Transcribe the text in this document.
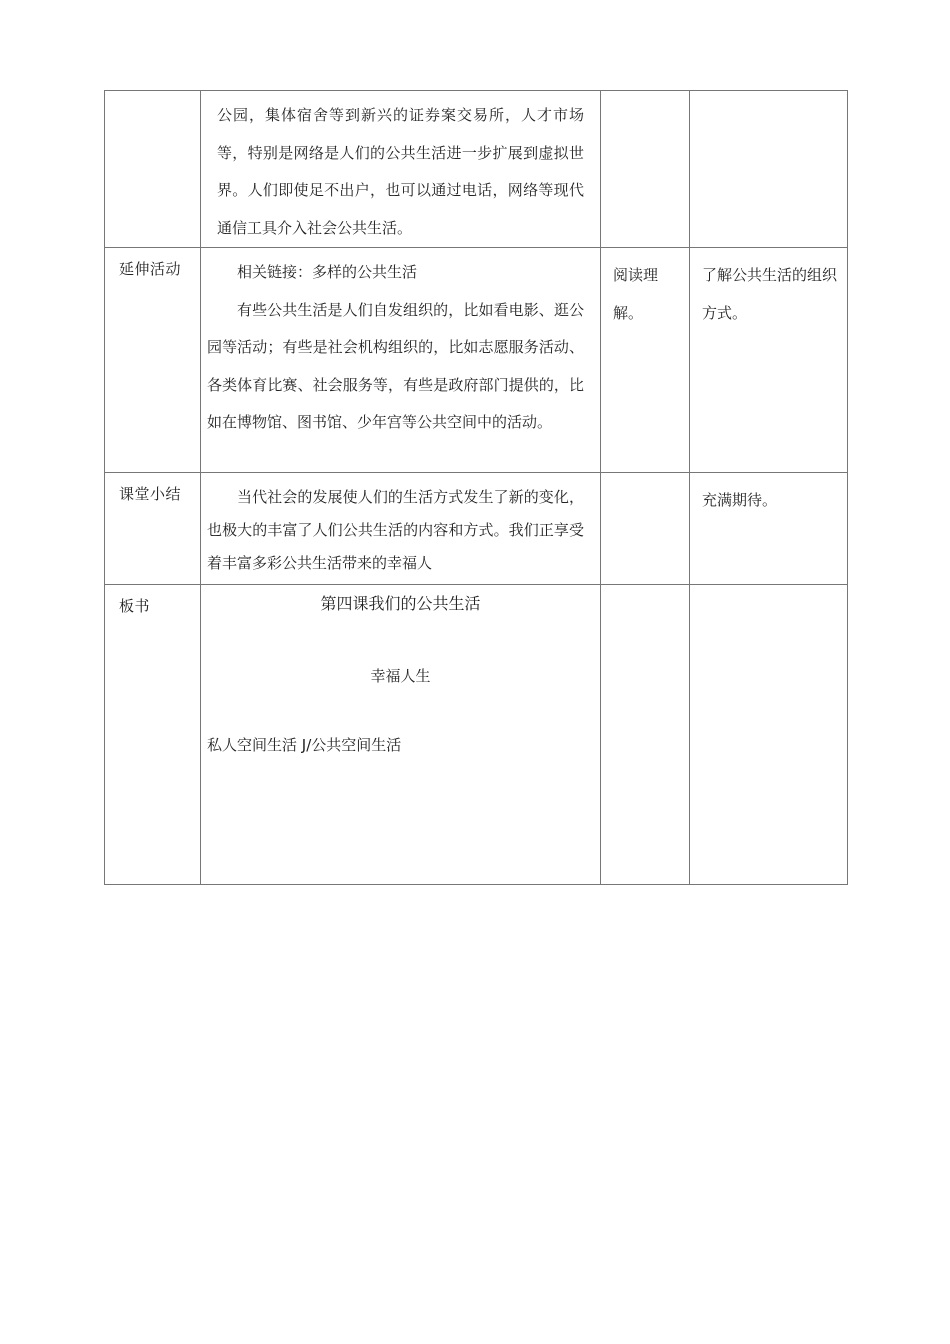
	公园，集体宿舍等到新兴的证券案交易所，人才市场等，特别是网络是人们的公共生活进一步扩展到虚拟世界。人们即使足不出户，也可以通过电话，网络等现代通信工具介入社会公共生活。		

延伸活动	相关链接：多样的公共生活

有些公共生活是人们自发组织的，比如看电影、逛公园等活动；有些是社会机构组织的，比如志愿服务活动、各类体育比赛、社会服务等，有些是政府部门提供的，比如在博物馆、图书馆、少年宫等公共空间中的活动。	阅读理解。	了解公共生活的组织方式。

课堂小结	当代社会的发展使人们的生活方式发生了新的变化，也极大的丰富了人们公共生活的内容和方式。我们正享受着丰富多彩公共生活带来的幸福人		充满期待。

板书	第四课我们的公共生活
幸福人生
私人空间生活 J/公共空间生活		
